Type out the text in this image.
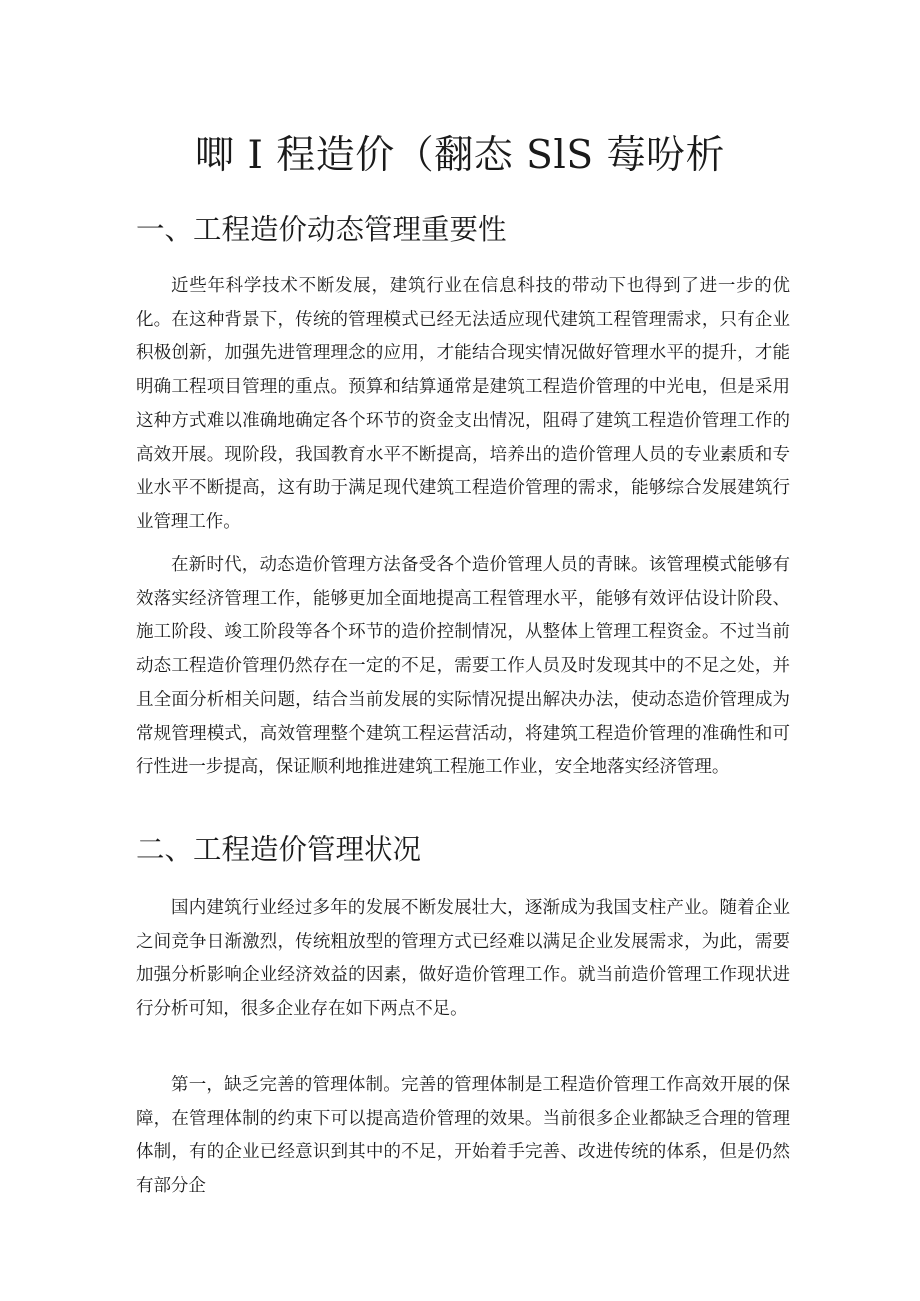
唧 I 程造价（翻态 SlS 莓吩析
一、工程造价动态管理重要性

近些年科学技术不断发展，建筑行业在信息科技的带动下也得到了进一步的优化。在这种背景下，传统的管理模式已经无法适应现代建筑工程管理需求，只有企业积极创新，加强先进管理理念的应用，才能结合现实情况做好管理水平的提升，才能明确工程项目管理的重点。预算和结算通常是建筑工程造价管理的中光电，但是采用这种方式难以准确地确定各个环节的资金支出情况，阻碍了建筑工程造价管理工作的高效开展。现阶段，我国教育水平不断提高，培养出的造价管理人员的专业素质和专业水平不断提高，这有助于满足现代建筑工程造价管理的需求，能够综合发展建筑行业管理工作。

在新时代，动态造价管理方法备受各个造价管理人员的青睐。该管理模式能够有效落实经济管理工作，能够更加全面地提高工程管理水平，能够有效评估设计阶段、施工阶段、竣工阶段等各个环节的造价控制情况，从整体上管理工程资金。不过当前动态工程造价管理仍然存在一定的不足，需要工作人员及时发现其中的不足之处，并且全面分析相关问题，结合当前发展的实际情况提出解决办法，使动态造价管理成为常规管理模式，高效管理整个建筑工程运营活动，将建筑工程造价管理的准确性和可行性进一步提高，保证顺利地推进建筑工程施工作业，安全地落实经济管理。

二、工程造价管理状况

国内建筑行业经过多年的发展不断发展壮大，逐渐成为我国支柱产业。随着企业之间竞争日渐激烈，传统粗放型的管理方式已经难以满足企业发展需求，为此，需要加强分析影响企业经济效益的因素，做好造价管理工作。就当前造价管理工作现状进行分析可知，很多企业存在如下两点不足。

第一，缺乏完善的管理体制。完善的管理体制是工程造价管理工作高效开展的保障，在管理体制的约束下可以提高造价管理的效果。当前很多企业都缺乏合理的管理体制，有的企业已经意识到其中的不足，开始着手完善、改进传统的体系，但是仍然有部分企
